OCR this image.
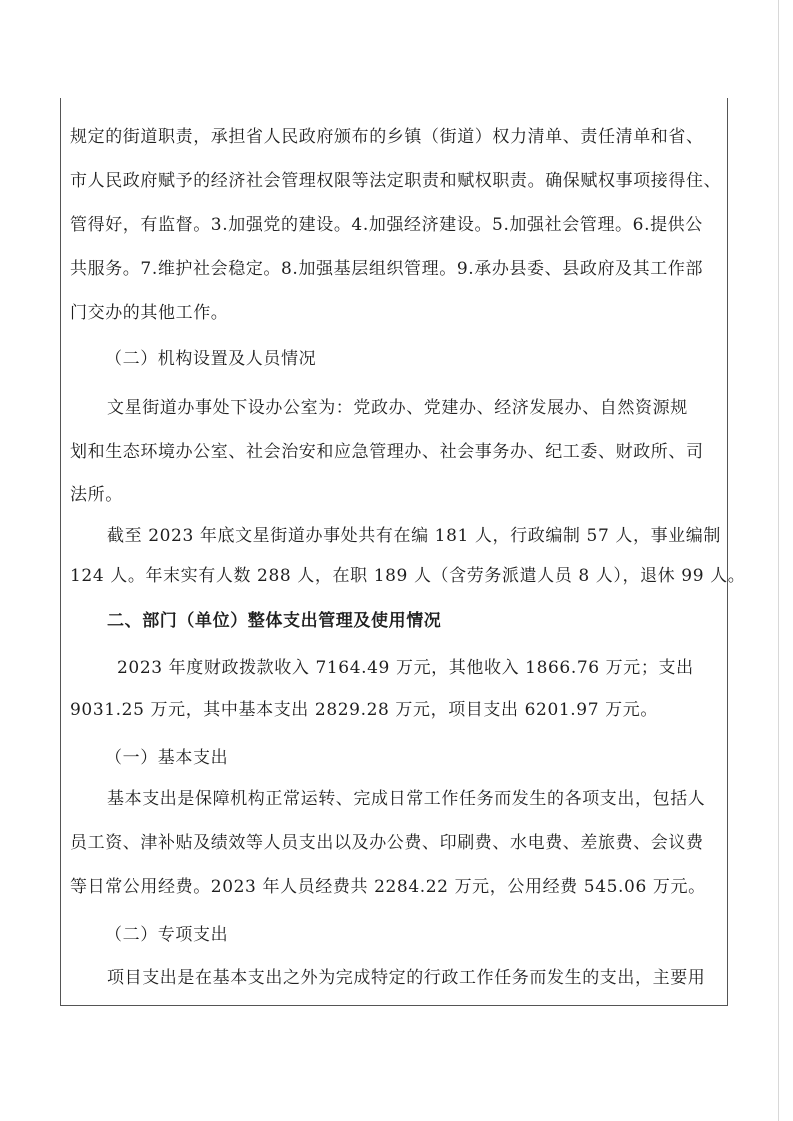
规定的街道职责，承担省人民政府颁布的乡镇（街道）权力清单、责任清单和省、
市人民政府赋予的经济社会管理权限等法定职责和赋权职责。确保赋权事项接得住、
管得好，有监督。3.加强党的建设。4.加强经济建设。5.加强社会管理。6.提供公
共服务。7.维护社会稳定。8.加强基层组织管理。9.承办县委、县政府及其工作部
门交办的其他工作。
（二）机构设置及人员情况
文星街道办事处下设办公室为：党政办、党建办、经济发展办、自然资源规
划和生态环境办公室、社会治安和应急管理办、社会事务办、纪工委、财政所、司
法所。
截至 2023 年底文星街道办事处共有在编 181 人，行政编制 57 人，事业编制
124 人。年末实有人数 288 人，在职 189 人（含劳务派遣人员 8 人），退休 99 人。
二、部门（单位）整体支出管理及使用情况
2023 年度财政拨款收入 7164.49 万元，其他收入 1866.76 万元；支出
9031.25 万元，其中基本支出 2829.28 万元，项目支出 6201.97 万元。
（一）基本支出
基本支出是保障机构正常运转、完成日常工作任务而发生的各项支出，包括人
员工资、津补贴及绩效等人员支出以及办公费、印刷费、水电费、差旅费、会议费
等日常公用经费。2023 年人员经费共 2284.22 万元，公用经费 545.06 万元。
（二）专项支出
项目支出是在基本支出之外为完成特定的行政工作任务而发生的支出，主要用
